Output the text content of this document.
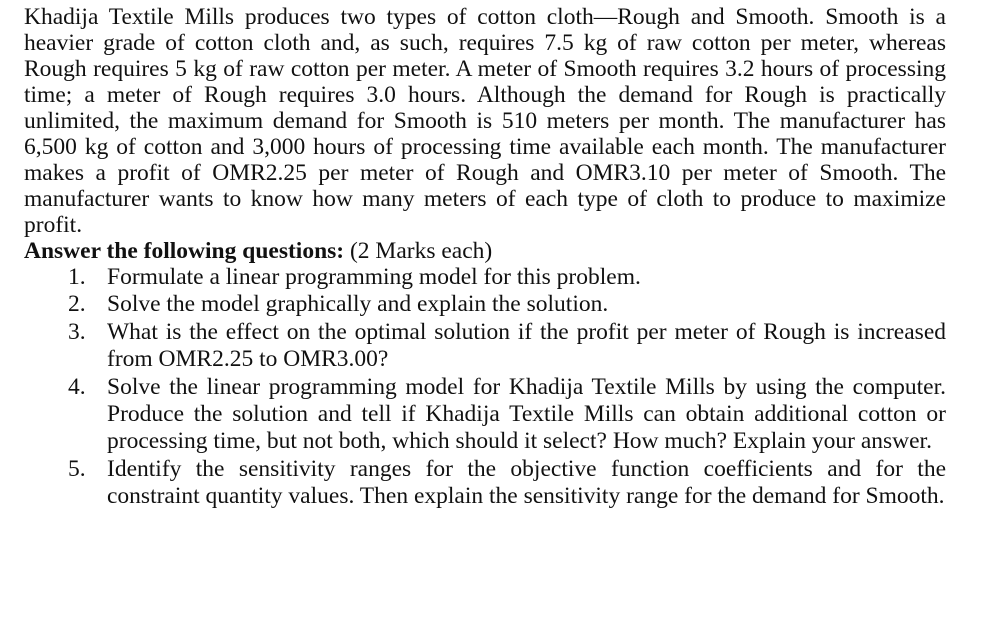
Khadija Textile Mills produces two types of cotton cloth—Rough and Smooth. Smooth is a heavier grade of cotton cloth and, as such, requires 7.5 kg of raw cotton per meter, whereas Rough requires 5 kg of raw cotton per meter. A meter of Smooth requires 3.2 hours of processing time; a meter of Rough requires 3.0 hours. Although the demand for Rough is practically unlimited, the maximum demand for Smooth is 510 meters per month. The manufacturer has 6,500 kg of cotton and 3,000 hours of processing time available each month. The manufacturer makes a profit of OMR2.25 per meter of Rough and OMR3.10 per meter of Smooth. The manufacturer wants to know how many meters of each type of cloth to produce to maximize profit.

Answer the following questions: (2 Marks each)

1. Formulate a linear programming model for this problem.
2. Solve the model graphically and explain the solution.
3. What is the effect on the optimal solution if the profit per meter of Rough is increased from OMR2.25 to OMR3.00?
4. Solve the linear programming model for Khadija Textile Mills by using the computer. Produce the solution and tell if Khadija Textile Mills can obtain additional cotton or processing time, but not both, which should it select? How much? Explain your answer.
5. Identify the sensitivity ranges for the objective function coefficients and for the constraint quantity values. Then explain the sensitivity range for the demand for Smooth.
